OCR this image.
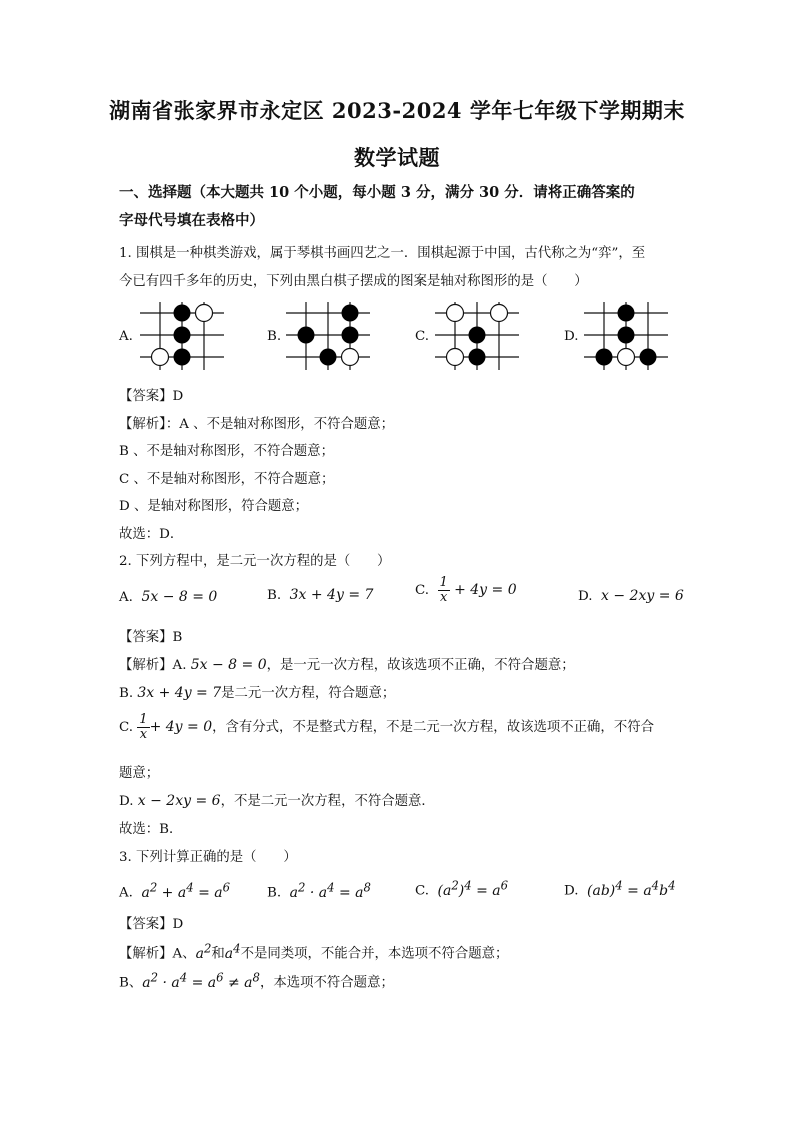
湖南省张家界市永定区 2023-2024 学年七年级下学期期末
数学试题
一、选择题（本大题共 10 个小题，每小题 3 分，满分 30 分．请将正确答案的
字母代号填在表格中）
1. 围棋是一种棋类游戏，属于琴棋书画四艺之一．围棋起源于中国，古代称之为“弈”，至
今已有四千多年的历史，下列由黑白棋子摆成的图案是轴对称图形的是（　　）
A.	B.	C.	D.
【答案】D
【解析】：A 、不是轴对称图形，不符合题意；
B 、不是轴对称图形，不符合题意；
C 、不是轴对称图形，不符合题意；
D 、是轴对称图形，符合题意；
故选：D．
2. 下列方程中，是二元一次方程的是（　　）
A. 5x − 8 = 0	B. 3x + 4y = 7	C. $\frac{1}{x} + 4y = 0$	D. x − 2xy = 6
【答案】B
【解析】A. 5x − 8 = 0，是一元一次方程，故该选项不正确，不符合题意；
B. 3x + 4y = 7是二元一次方程，符合题意；
C. $\frac{1}{x} + 4y = 0$，含有分式，不是整式方程，不是二元一次方程，故该选项不正确，不符合
题意；
D. x − 2xy = 6，不是二元一次方程，不符合题意．
故选：B．
3. 下列计算正确的是（　　）
A. $a^2 + a^4 = a^6$	B. $a^2 \cdot a^4 = a^8$	C. $(a^2)^4 = a^6$	D. $(ab)^4 = a^4b^4$
【答案】D
【解析】A、$a^2$和$a^4$不是同类项，不能合并，本选项不符合题意；
B、$a^2 \cdot a^4 = a^6 \ne a^8$，本选项不符合题意；
